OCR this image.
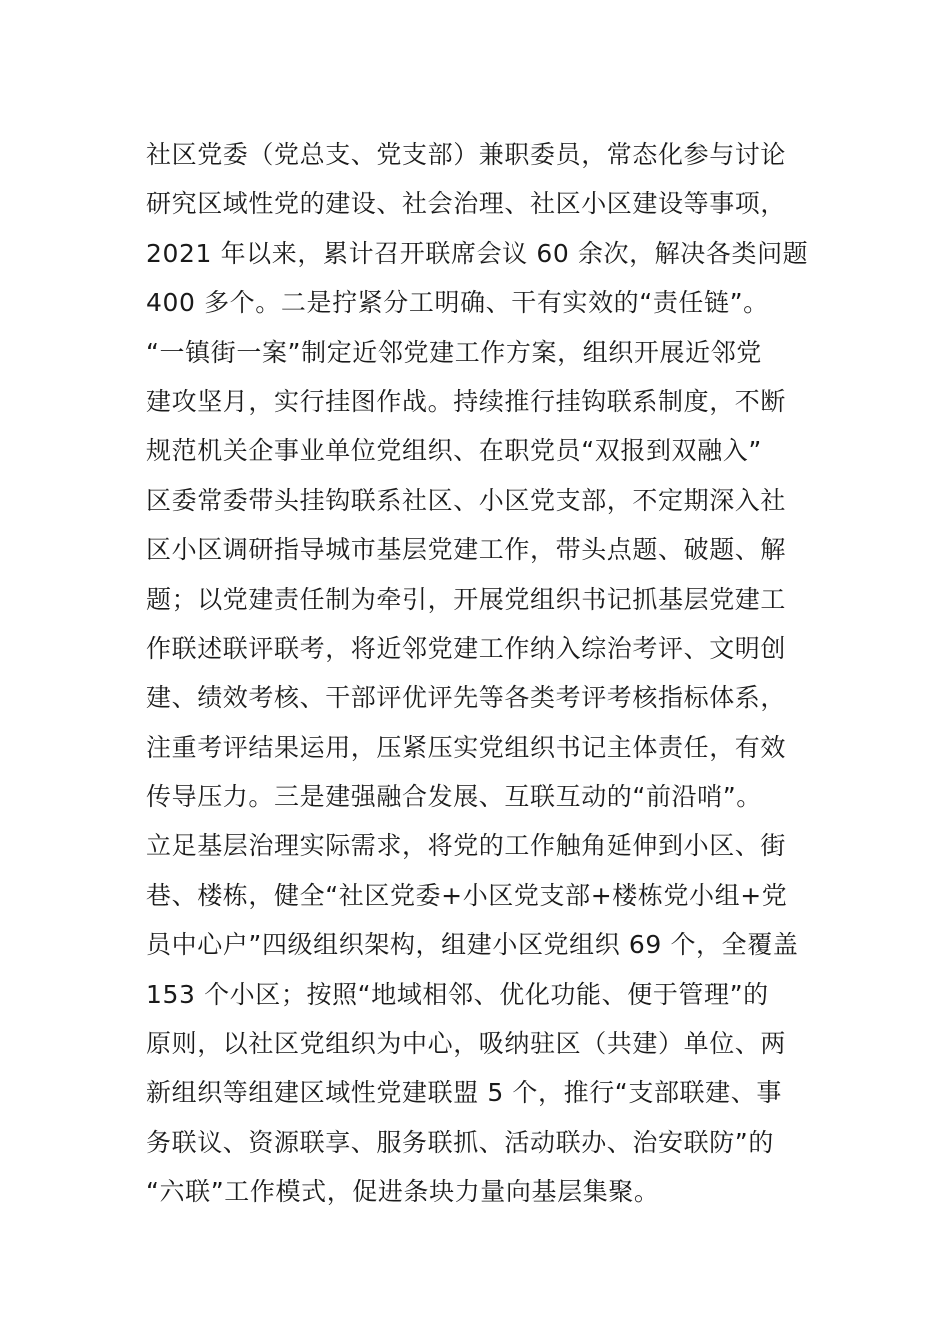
社区党委（党总支、党支部）兼职委员，常态化参与讨论
研究区域性党的建设、社会治理、社区小区建设等事项，
2021 年以来，累计召开联席会议 60 余次，解决各类问题
400 多个。二是拧紧分工明确、干有实效的“责任链”。
“一镇街一案”制定近邻党建工作方案，组织开展近邻党
建攻坚月，实行挂图作战。持续推行挂钩联系制度，不断
规范机关企事业单位党组织、在职党员“双报到双融入”
区委常委带头挂钩联系社区、小区党支部，不定期深入社
区小区调研指导城市基层党建工作，带头点题、破题、解
题；以党建责任制为牵引，开展党组织书记抓基层党建工
作联述联评联考，将近邻党建工作纳入综治考评、文明创
建、绩效考核、干部评优评先等各类考评考核指标体系，
注重考评结果运用，压紧压实党组织书记主体责任，有效
传导压力。三是建强融合发展、互联互动的“前沿哨”。
立足基层治理实际需求，将党的工作触角延伸到小区、街
巷、楼栋，健全“社区党委+小区党支部+楼栋党小组+党
员中心户”四级组织架构，组建小区党组织 69 个，全覆盖
153 个小区；按照“地域相邻、优化功能、便于管理”的
原则，以社区党组织为中心，吸纳驻区（共建）单位、两
新组织等组建区域性党建联盟 5 个，推行“支部联建、事
务联议、资源联享、服务联抓、活动联办、治安联防”的
“六联”工作模式，促进条块力量向基层集聚。
